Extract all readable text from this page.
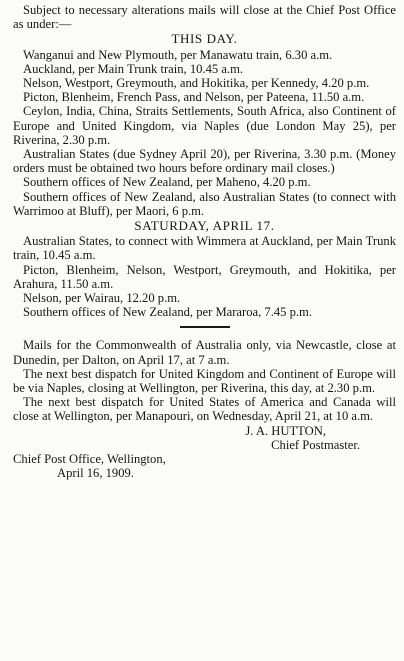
Subject to necessary alterations mails will close at the Chief Post Office as under:—

THIS DAY.

Wanganui and New Plymouth, per Manawatu train, 6.30 a.m.

Auckland, per Main Trunk train, 10.45 a.m.

Nelson, Westport, Greymouth, and Hokitika, per Kennedy, 4.20 p.m.

Picton, Blenheim, French Pass, and Nelson, per Pateena, 11.50 a.m.

Ceylon, India, China, Straits Settlements, South Africa, also Continent of Europe and United Kingdom, via Naples (due London May 25), per Riverina, 2.30 p.m.

Australian States (due Sydney April 20), per Riverina, 3.30 p.m. (Money orders must be obtained two hours before ordinary mail closes.)

Southern offices of New Zealand, per Maheno, 4.20 p.m.

Southern offices of New Zealand, also Australian States (to connect with Warrimoo at Bluff), per Maori, 6 p.m.

SATURDAY, APRIL 17.

Australian States, to connect with Wimmera at Auckland, per Main Trunk train, 10.45 a.m.

Picton, Blenheim, Nelson, Westport, Greymouth, and Hokitika, per Arahura, 11.50 a.m.

Nelson, per Wairau, 12.20 p.m.

Southern offices of New Zealand, per Mararoa, 7.45 p.m.

Mails for the Commonwealth of Australia only, via Newcastle, close at Dunedin, per Dalton, on April 17, at 7 a.m.

The next best dispatch for United Kingdom and Continent of Europe will be via Naples, closing at Wellington, per Riverina, this day, at 2.30 p.m.

The next best dispatch for United States of America and Canada will close at Wellington, per Manapouri, on Wednesday, April 21, at 10 a.m.

J. A. HUTTON,

Chief Postmaster.

Chief Post Office, Wellington,

April 16, 1909.
